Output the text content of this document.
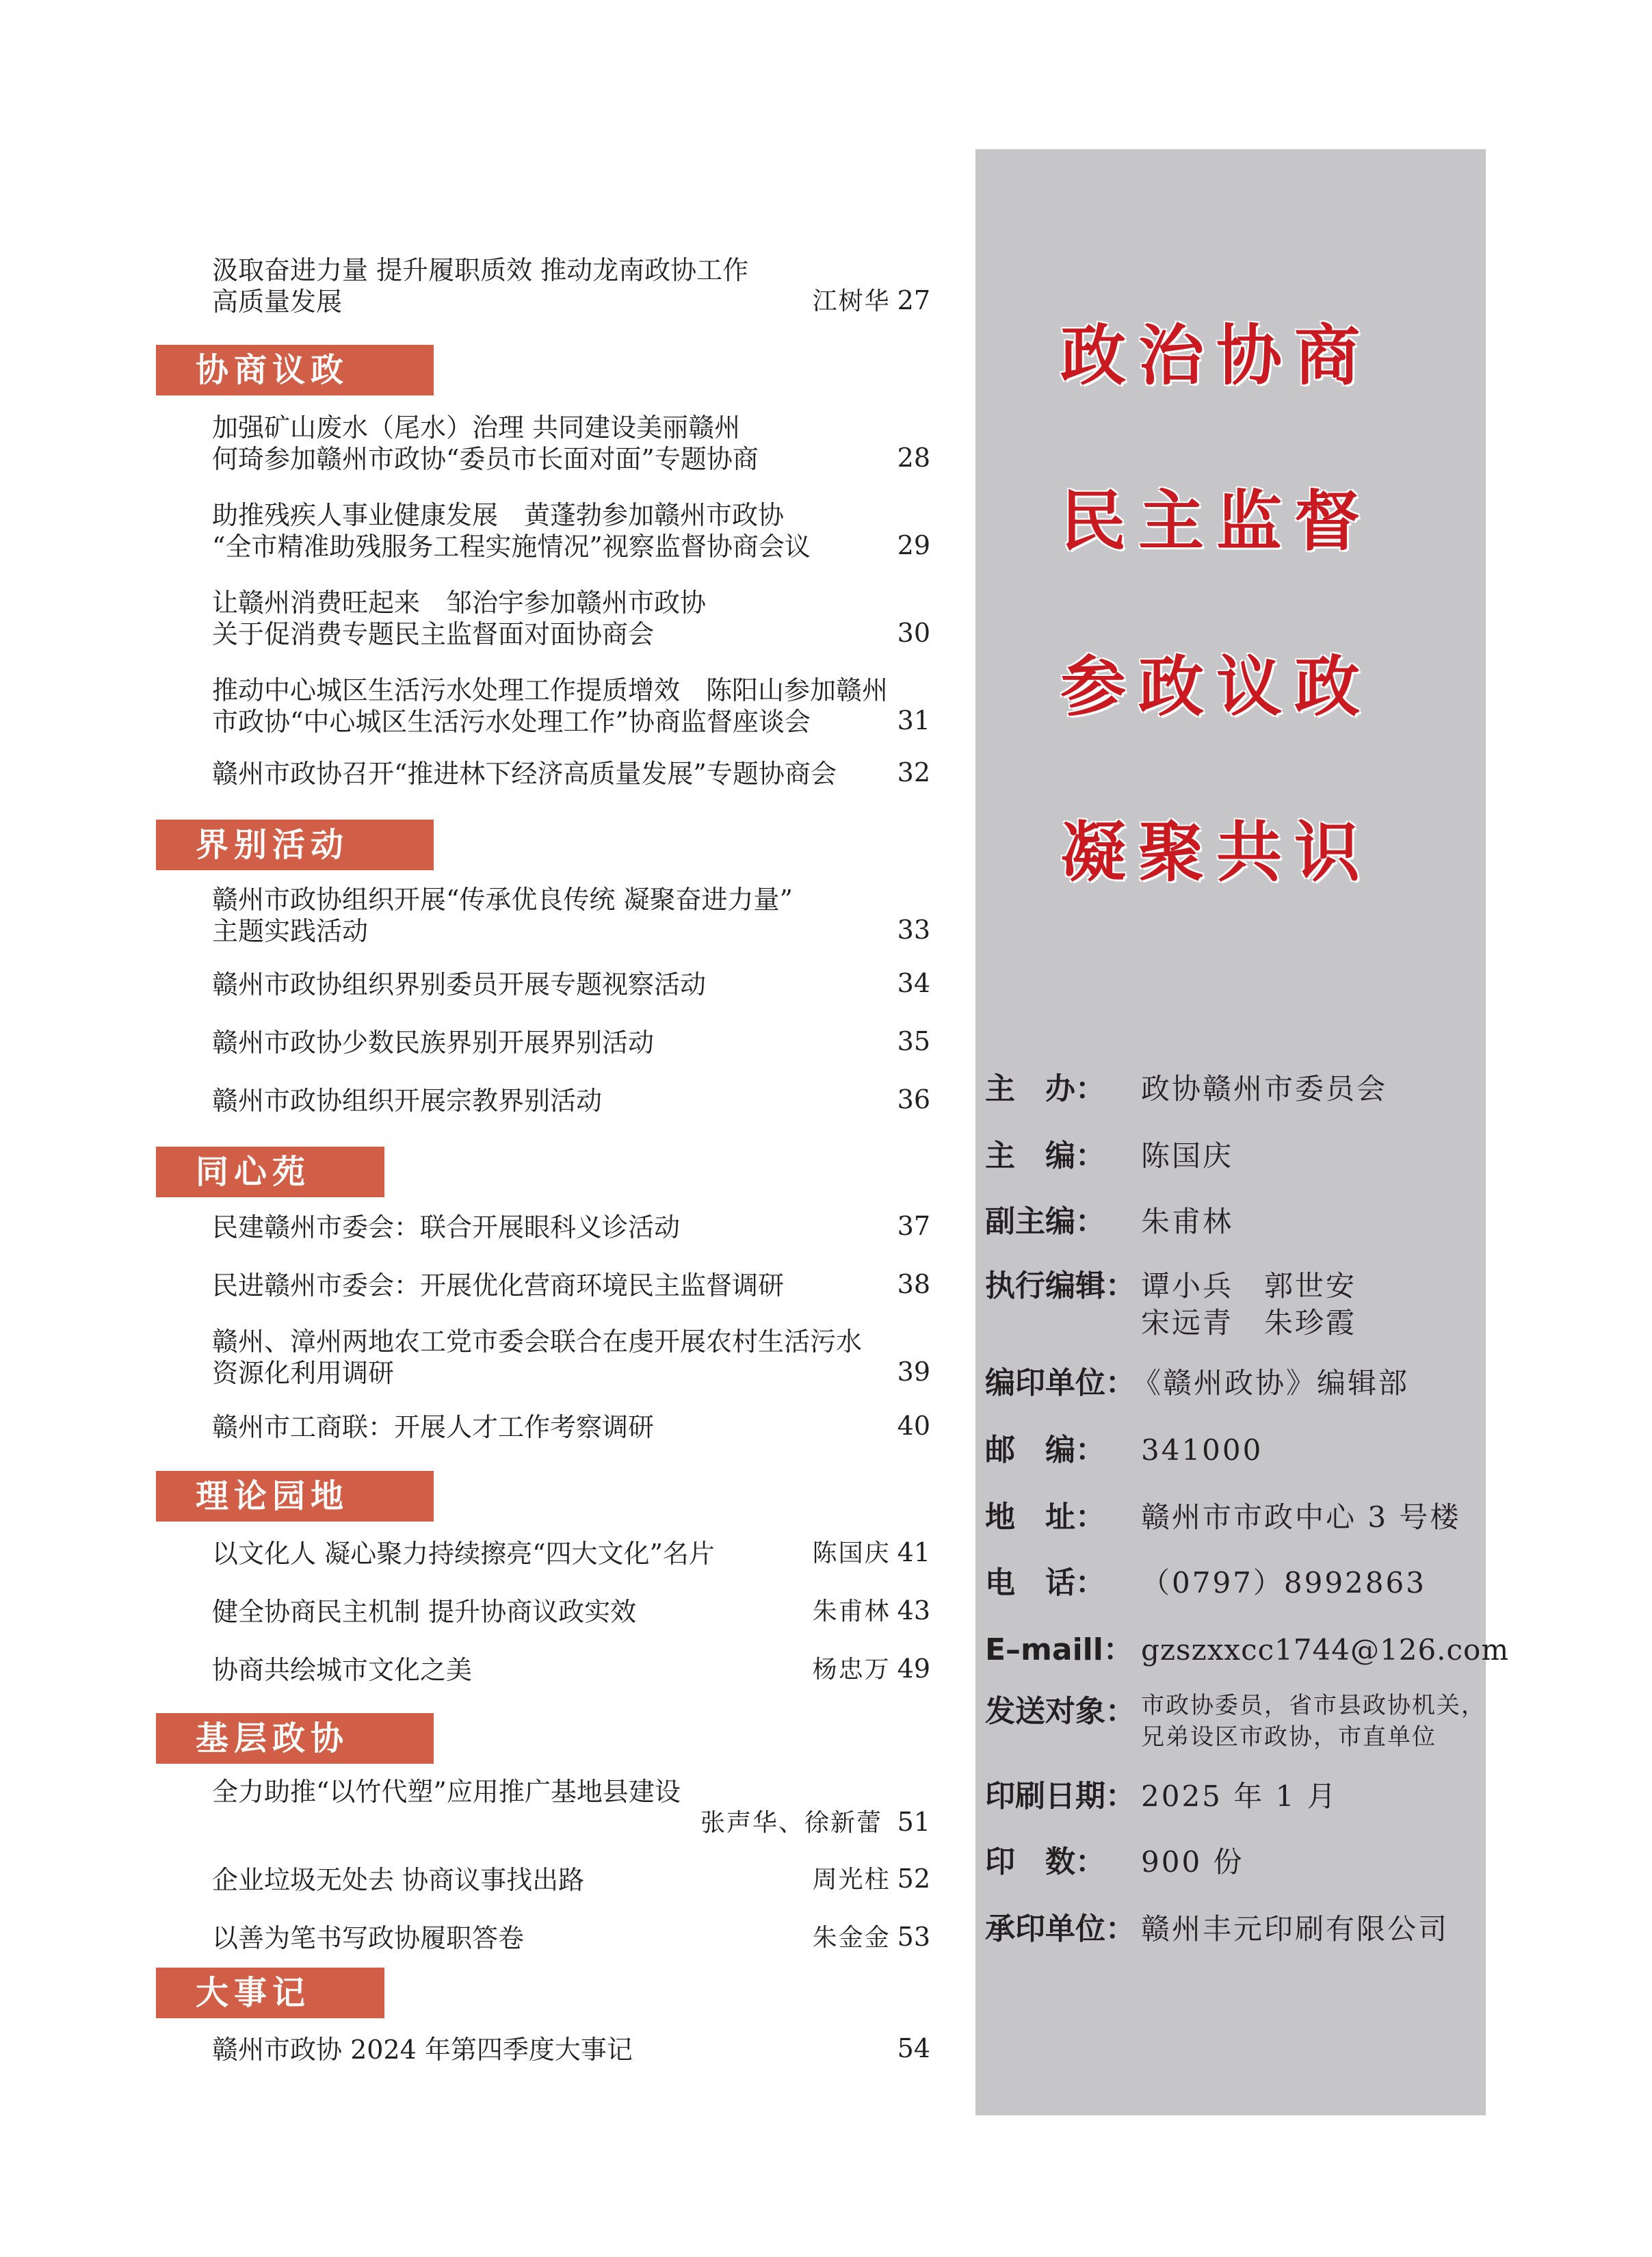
汲取奋进力量 提升履职质效 推动龙南政协工作
高质量发展	江树华 27
协商议政
加强矿山废水（尾水）治理 共同建设美丽赣州
何琦参加赣州市政协“委员市长面对面”专题协商	28
助推残疾人事业健康发展　黄蓬勃参加赣州市政协
“全市精准助残服务工程实施情况”视察监督协商会议	29
让赣州消费旺起来　邹治宇参加赣州市政协
关于促消费专题民主监督面对面协商会	30
推动中心城区生活污水处理工作提质增效　陈阳山参加赣州
市政协“中心城区生活污水处理工作”协商监督座谈会	31
赣州市政协召开“推进林下经济高质量发展”专题协商会	32
界别活动
赣州市政协组织开展“传承优良传统 凝聚奋进力量”
主题实践活动	33
赣州市政协组织界别委员开展专题视察活动	34
赣州市政协少数民族界别开展界别活动	35
赣州市政协组织开展宗教界别活动	36
同心苑
民建赣州市委会：联合开展眼科义诊活动	37
民进赣州市委会：开展优化营商环境民主监督调研	38
赣州、漳州两地农工党市委会联合在虔开展农村生活污水
资源化利用调研	39
赣州市工商联：开展人才工作考察调研	40
理论园地
以文化人 凝心聚力持续擦亮“四大文化”名片	陈国庆 41
健全协商民主机制 提升协商议政实效	朱甫林 43
协商共绘城市文化之美	杨忠万 49
基层政协
全力助推“以竹代塑”应用推广基地县建设
张声华、徐新蕾 51
企业垃圾无处去 协商议事找出路	周光柱 52
以善为笔书写政协履职答卷	朱金金 53
大事记
赣州市政协 2024 年第四季度大事记	54
政治协商
民主监督
参政议政
凝聚共识
主　办： 政协赣州市委员会
主　编： 陈国庆
副主编： 朱甫林
执行编辑： 谭小兵　郭世安
宋远青　朱珍霞
编印单位：
《赣州政协》编辑部
邮　编： 341000
地　址： 赣州市市政中心 3 号楼
电　话： （0797）8992863
E–maill： gzszxxcc1744@126.com
发送对象： 市政协委员，省市县政协机关，
兄弟设区市政协，市直单位
印刷日期： 2025 年 1 月
印　数： 900 份
承印单位： 赣州丰元印刷有限公司
